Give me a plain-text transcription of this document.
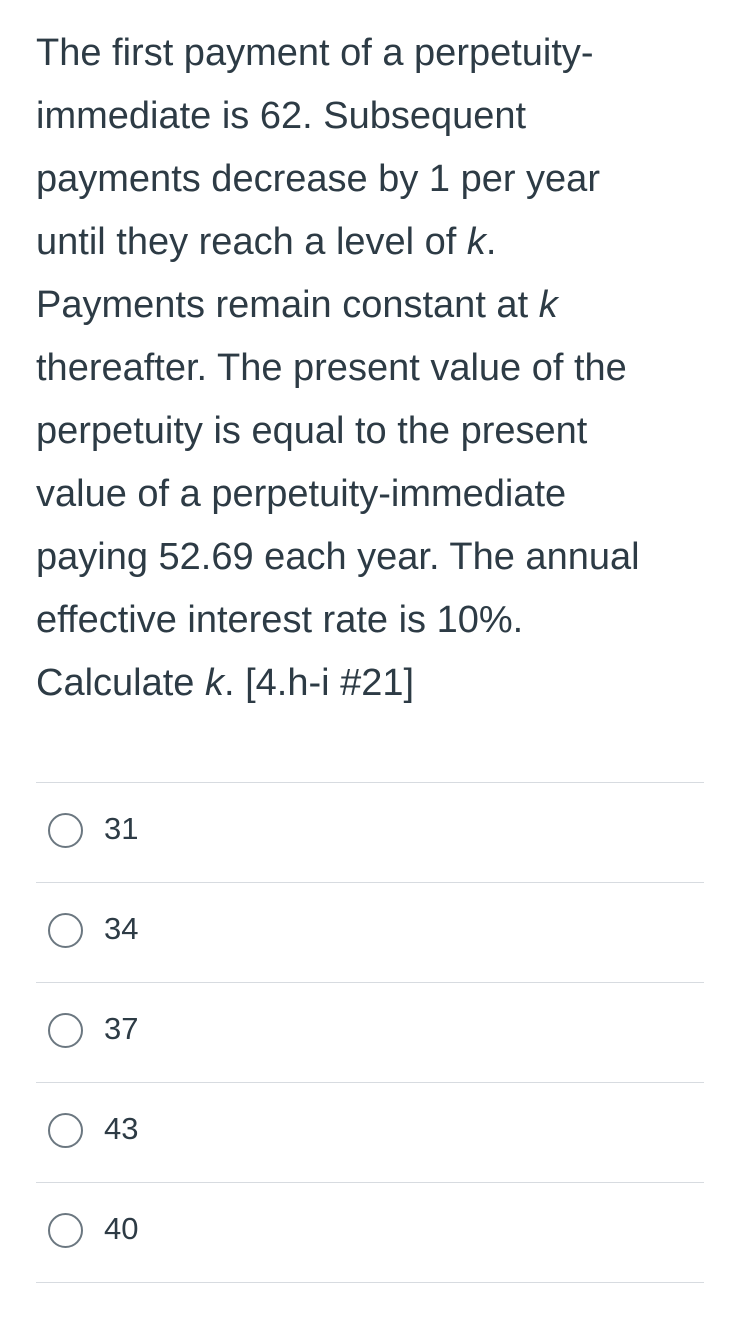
The first payment of a perpetuity-
immediate is 62. Subsequent
payments decrease by 1 per year
until they reach a level of k.
Payments remain constant at k
thereafter. The present value of the
perpetuity is equal to the present
value of a perpetuity-immediate
paying 52.69 each year. The annual
effective interest rate is 10%.
Calculate k. [4.h-i #21]
31
34
37
43
40
